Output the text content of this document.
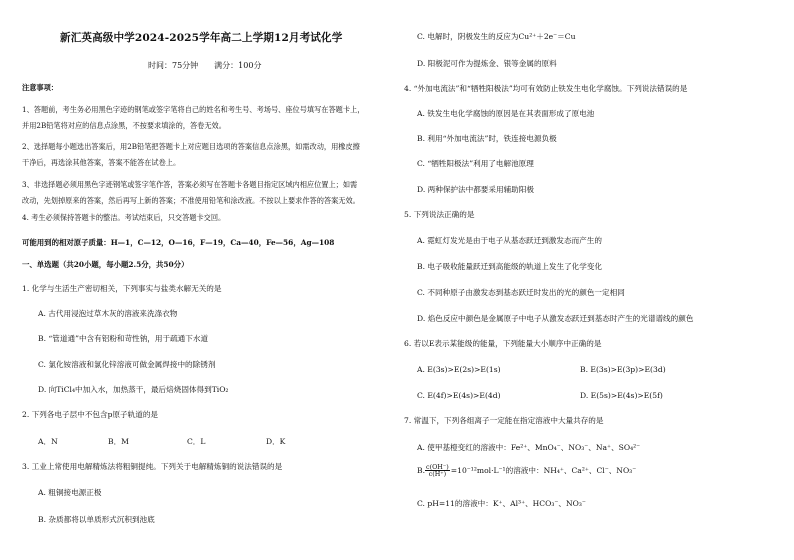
新汇英高级中学2024-2025学年高二上学期12月考试化学
时间：75分钟　　满分：100分
注意事项：
1、答题前，考生务必用黑色字迹的钢笔或签字笔将自己的姓名和考生号、考场号、座位号填写在答题卡上，
并用2B铅笔将对应的信息点涂黑，不按要求填涂的，答卷无效。
2、选择题每小题选出答案后，用2B铅笔把答题卡上对应题目选项的答案信息点涂黑，如需改动，用橡皮擦
干净后，再选涂其他答案，答案不能答在试卷上。
3、非选择题必须用黑色字迹钢笔或签字笔作答，答案必须写在答题卡各题目指定区域内相应位置上；如需
改动，先划掉原来的答案，然后再写上新的答案；不准使用铅笔和涂改液。不按以上要求作答的答案无效。
4. 考生必须保持答题卡的整洁。考试结束后，只交答题卡交回。
可能用到的相对原子质量：H—1，C—12，O—16，F—19，Ca—40，Fe—56，Ag—108
一、单选题（共20小题，每小题2.5分，共50分）
1. 化学与生活生产密切相关，下列事实与盐类水解无关的是
A. 古代用浸泡过草木灰的溶液来洗涤衣物
B. “管道通”中含有铝粉和苛性钠，用于疏通下水道
C. 氯化铵溶液和氯化锌溶液可做金属焊接中的除锈剂
D. 向TiCl₄中加入水，加热蒸干，最后焙烧固体得到TiO₂
2. 下列各电子层中不包含p原子轨道的是
A．N	B．M	C．L	D．K
3. 工业上常使用电解精炼法将粗铜提纯。下列关于电解精炼铜的说法错误的是
A. 粗铜接电源正极
B. 杂质都将以单质形式沉积到池底
C. 电解时，阴极发生的反应为Cu²⁺＋2e⁻＝Cu
D. 阳极泥可作为提炼金、银等金属的原料
4. “外加电流法”和“牺牲阳极法”均可有效防止铁发生电化学腐蚀。下列说法错误的是
A. 铁发生电化学腐蚀的原因是在其表面形成了原电池
B. 利用“外加电流法”时，铁连接电源负极
C. “牺牲阳极法”利用了电解池原理
D. 两种保护法中都要采用辅助阳极
5. 下列说法正确的是
A. 霓虹灯发光是由于电子从基态跃迁到激发态而产生的
B. 电子吸收能量跃迁到高能级的轨道上发生了化学变化
C. 不同种原子由激发态到基态跃迁时发出的光的颜色一定相同
D. 焰色反应中颜色是金属原子中电子从激发态跃迁到基态时产生的光谱谱线的颜色
6. 若以E表示某能级的能量，下列能量大小顺序中正确的是
A. E(3s)>E(2s)>E(1s)	B. E(3s)>E(3p)>E(3d)
C. E(4f)>E(4s)>E(4d)	D. E(5s)>E(4s)>E(5f)
7. 常温下，下列各组离子一定能在指定溶液中大量共存的是
A. 使甲基橙变红的溶液中：Fe²⁺、MnO₄⁻、NO₃⁻、Na⁺、SO₄²⁻
B. $\frac{c(OH^-)}{c(H^+)} =10^{-12}mol\cdot L^{-1}$的溶液中：NH₄⁺、Ca²⁺、Cl⁻、NO₃⁻
C. pH=11的溶液中：K⁺、Al³⁺、HCO₃⁻、NO₃⁻
